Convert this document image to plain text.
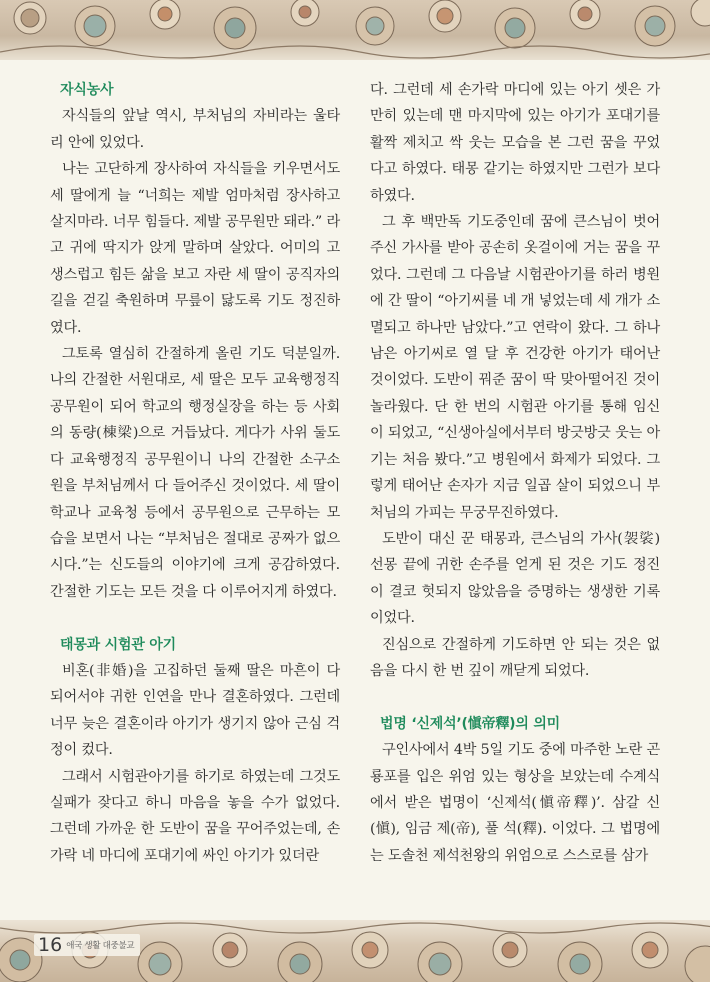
자식농사

자식들의 앞날 역시, 부처님의 자비라는 울타리 안에 있었다.

나는 고단하게 장사하여 자식들을 키우면서도 세 딸에게 늘 “너희는 제발 엄마처럼 장사하고 살지마라. 너무 힘들다. 제발 공무원만 돼라.” 라고 귀에 딱지가 앉게 말하며 살았다. 어미의 고생스럽고 힘든 삶을 보고 자란 세 딸이 공직자의 길을 걷길 축원하며 무릎이 닳도록 기도 정진하였다.

그토록 열심히 간절하게 올린 기도 덕분일까. 나의 간절한 서원대로, 세 딸은 모두 교육행정직 공무원이 되어 학교의 행정실장을 하는 등 사회의 동량(棟梁)으로 거듭났다. 게다가 사위 둘도 다 교육행정직 공무원이니 나의 간절한 소구소원을 부처님께서 다 들어주신 것이었다. 세 딸이 학교나 교육청 등에서 공무원으로 근무하는 모습을 보면서 나는 “부처님은 절대로 공짜가 없으시다.”는 신도들의 이야기에 크게 공감하였다. 간절한 기도는 모든 것을 다 이루어지게 하였다.

태몽과 시험관 아기

비혼(非婚)을 고집하던 둘째 딸은 마흔이 다 되어서야 귀한 인연을 만나 결혼하였다. 그런데 너무 늦은 결혼이라 아기가 생기지 않아 근심 걱정이 컸다.

그래서 시험관아기를 하기로 하였는데 그것도 실패가 잦다고 하니 마음을 놓을 수가 없었다. 그런데 가까운 한 도반이 꿈을 꾸어주었는데, 손가락 네 마디에 포대기에 싸인 아기가 있더란

다. 그런데 세 손가락 마디에 있는 아기 셋은 가만히 있는데 맨 마지막에 있는 아기가 포대기를 활짝 제치고 싹 웃는 모습을 본 그런 꿈을 꾸었다고 하였다. 태몽 같기는 하였지만 그런가 보다 하였다.

그 후 백만독 기도중인데 꿈에 큰스님이 벗어 주신 가사를 받아 공손히 옷걸이에 거는 꿈을 꾸었다. 그런데 그 다음날 시험관아기를 하러 병원에 간 딸이 “아기씨를 네 개 넣었는데 세 개가 소멸되고 하나만 남았다.”고 연락이 왔다. 그 하나 남은 아기씨로 열 달 후 건강한 아기가 태어난 것이었다. 도반이 꿔준 꿈이 딱 맞아떨어진 것이 놀라웠다. 단 한 번의 시험관 아기를 통해 임신이 되었고, “신생아실에서부터 방긋방긋 웃는 아기는 처음 봤다.”고 병원에서 화제가 되었다. 그렇게 태어난 손자가 지금 일곱 살이 되었으니 부처님의 가피는 무궁무진하였다.

도반이 대신 꾼 태몽과, 큰스님의 가사(袈裟) 선몽 끝에 귀한 손주를 얻게 된 것은 기도 정진이 결코 헛되지 않았음을 증명하는 생생한 기록이었다.

진심으로 간절하게 기도하면 안 되는 것은 없음을 다시 한 번 깊이 깨닫게 되었다.

법명 ‘신제석’(愼帝釋)의 의미

구인사에서 4박 5일 기도 중에 마주한 노란 곤룡포를 입은 위엄 있는 형상을 보았는데 수계식에서 받은 법명이 ‘신제석(愼帝釋)’. 삼갈 신(愼), 임금 제(帝), 풀 석(釋). 이었다. 그 법명에는 도솔천 제석천왕의 위엄으로 스스로를 삼가

16 애국 생활 대중불교
